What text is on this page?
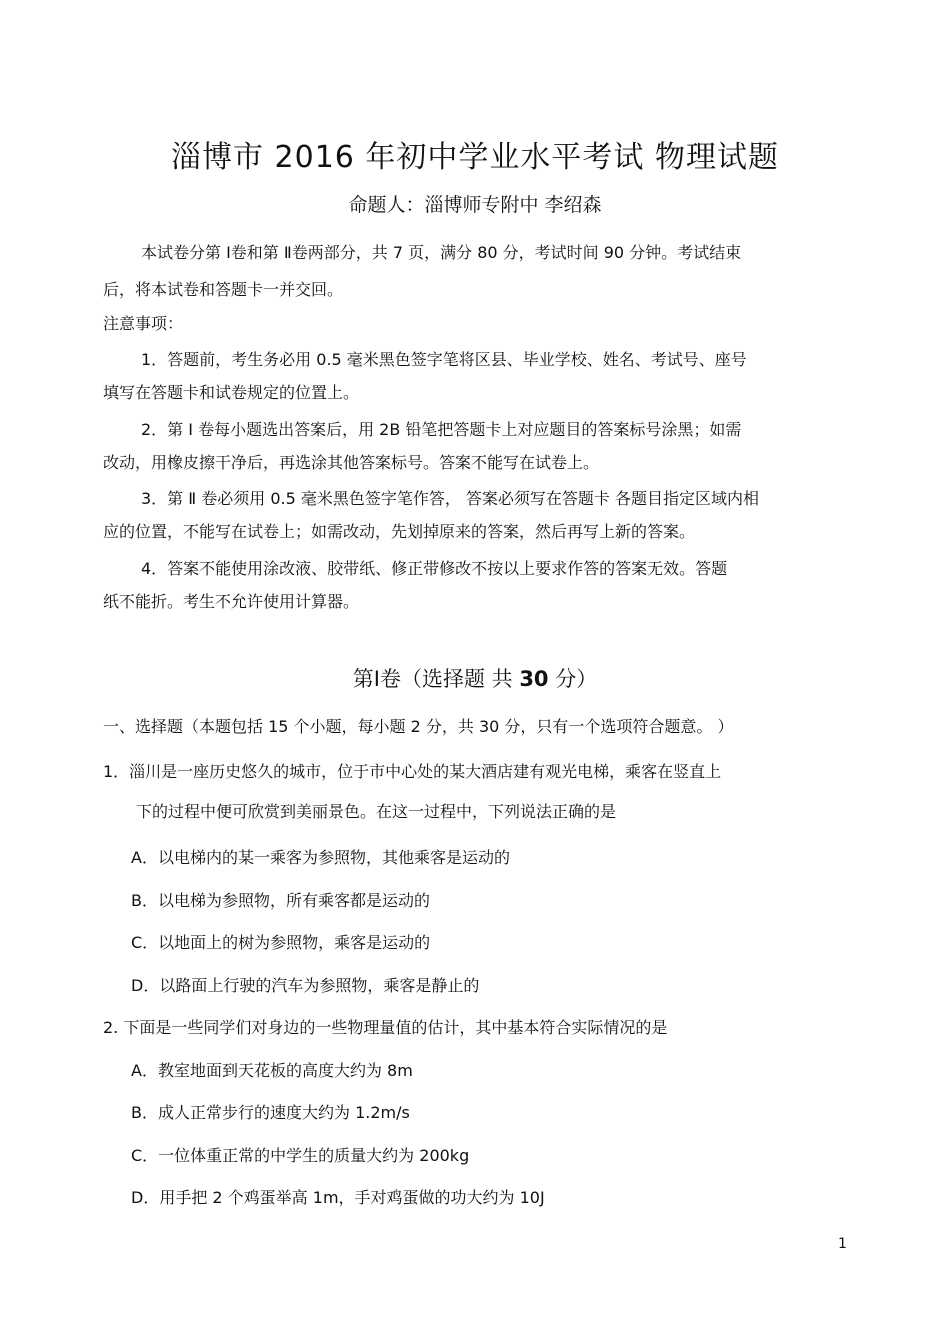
淄博市 2016 年初中学业水平考试 物理试题
命题人：淄博师专附中 李绍森
本试卷分第 Ⅰ卷和第 Ⅱ卷两部分，共 7 页，满分 80 分，考试时间 90 分钟。考试结束
后，将本试卷和答题卡一并交回。
注意事项：
1．答题前，考生务必用 0.5 毫米黑色签字笔将区县、毕业学校、姓名、考试号、座号
填写在答题卡和试卷规定的位置上。
2．第 Ⅰ 卷每小题选出答案后，用 2B 铅笔把答题卡上对应题目的答案标号涂黑；如需
改动，用橡皮擦干净后，再选涂其他答案标号。答案不能写在试卷上。
3．第 Ⅱ 卷必须用 0.5 毫米黑色签字笔作答， 答案必须写在答题卡 各题目指定区域内相
应的位置，不能写在试卷上；如需改动，先划掉原来的答案，然后再写上新的答案。
4．答案不能使用涂改液、胶带纸、修正带修改不按以上要求作答的答案无效。答题
纸不能折。考生不允许使用计算器。
第Ⅰ卷（选择题 共 30 分）
一、选择题（本题包括 15 个小题，每小题 2 分，共 30 分，只有一个选项符合题意。 ）
1．淄川是一座历史悠久的城市，位于市中心处的某大酒店建有观光电梯，乘客在竖直上
下的过程中便可欣赏到美丽景色。在这一过程中，下列说法正确的是
A．以电梯内的某一乘客为参照物，其他乘客是运动的
B．以电梯为参照物，所有乘客都是运动的
C．以地面上的树为参照物，乘客是运动的
D．以路面上行驶的汽车为参照物，乘客是静止的
2. 下面是一些同学们对身边的一些物理量值的估计，其中基本符合实际情况的是
A．教室地面到天花板的高度大约为 8m
B．成人正常步行的速度大约为 1.2m/s
C．一位体重正常的中学生的质量大约为 200kg
D．用手把 2 个鸡蛋举高 1m，手对鸡蛋做的功大约为 10J
1
